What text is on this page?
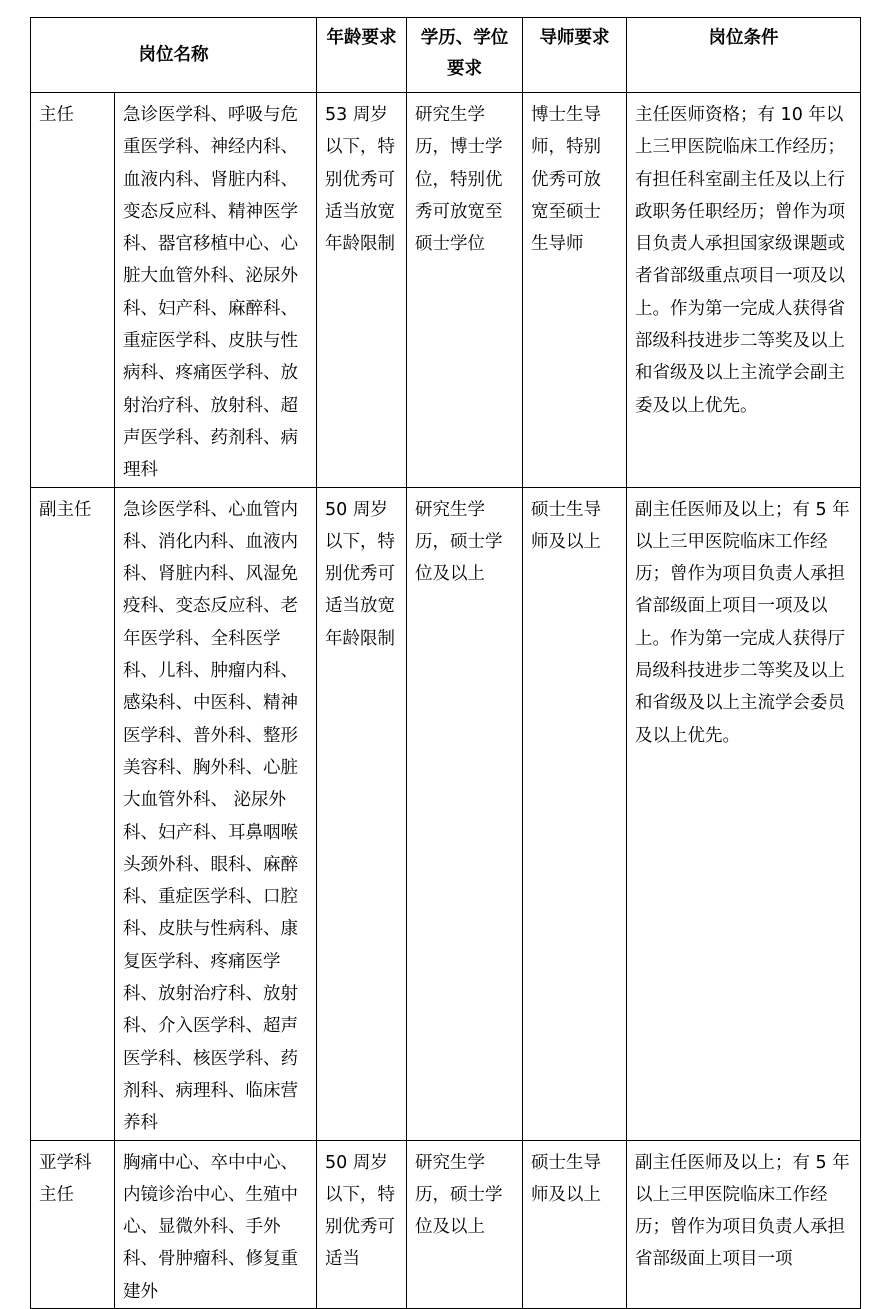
岗位名称		年龄要求	学历、学位要求	导师要求	岗位条件
主任	急诊医学科、呼吸与危重医学科、神经内科、血液内科、肾脏内科、变态反应科、精神医学科、器官移植中心、心脏大血管外科、泌尿外科、妇产科、麻醉科、重症医学科、皮肤与性病科、疼痛医学科、放射治疗科、放射科、超声医学科、药剂科、病理科	53 周岁以下，特别优秀可适当放宽年龄限制	研究生学历，博士学位，特别优秀可放宽至硕士学位	博士生导师，特别优秀可放宽至硕士生导师	主任医师资格；有 10 年以上三甲医院临床工作经历；有担任科室副主任及以上行政职务任职经历；曾作为项目负责人承担国家级课题或者省部级重点项目一项及以上。作为第一完成人获得省部级科技进步二等奖及以上和省级及以上主流学会副主委及以上优先。
副主任	急诊医学科、心血管内科、消化内科、血液内科、肾脏内科、风湿免疫科、变态反应科、老年医学科、全科医学科、儿科、肿瘤内科、感染科、中医科、精神医学科、普外科、整形美容科、胸外科、心脏大血管外科、 泌尿外科、妇产科、耳鼻咽喉头颈外科、眼科、麻醉科、重症医学科、口腔科、皮肤与性病科、康复医学科、疼痛医学科、放射治疗科、放射科、介入医学科、超声医学科、核医学科、药剂科、病理科、临床营养科	50 周岁以下，特别优秀可适当放宽年龄限制	研究生学历，硕士学位及以上	硕士生导师及以上	副主任医师及以上；有 5 年以上三甲医院临床工作经历；曾作为项目负责人承担省部级面上项目一项及以上。作为第一完成人获得厅局级科技进步二等奖及以上和省级及以上主流学会委员及以上优先。
亚学科主任	胸痛中心、卒中中心、内镜诊治中心、生殖中心、显微外科、手外科、骨肿瘤科、修复重建外	50 周岁以下，特别优秀可适当	研究生学历，硕士学位及以上	硕士生导师及以上	副主任医师及以上；有 5 年以上三甲医院临床工作经历；曾作为项目负责人承担省部级面上项目一项
